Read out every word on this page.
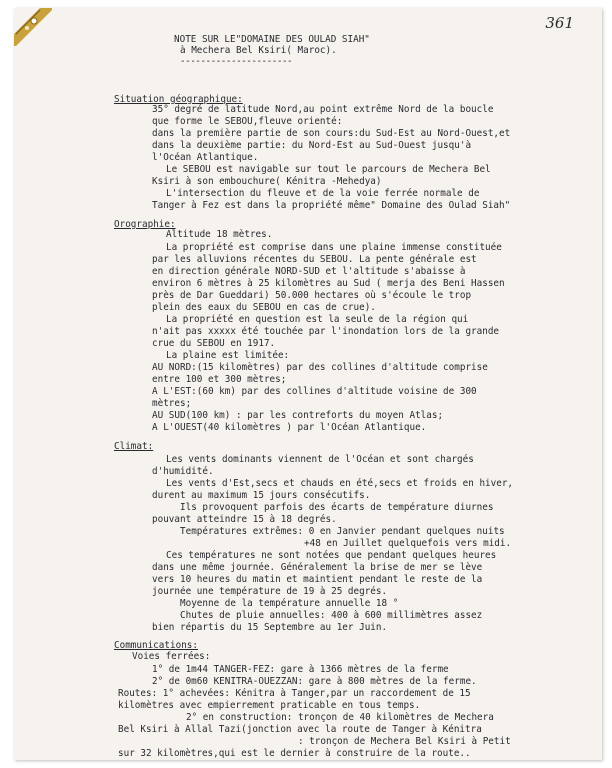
361
NOTE SUR LE"DOMAINE DES OULAD SIAH"
à Mechera Bel Ksiri( Maroc).
----------------------
Situation géographique:
35° degré de latitude Nord,au point extrême Nord de la boucle
que forme le SEBOU,fleuve orienté:
dans la première partie de son cours:du Sud-Est au Nord-Ouest,et
dans la deuxième partie: du Nord-Est au Sud-Ouest jusqu'à
l'Océan Atlantique.
Le SEBOU est navigable sur tout le parcours de Mechera Bel
Ksiri à son embouchure( Kénitra -Mehedya)
L'intersection du fleuve et de la voie ferrée normale de
Tanger à Fez est dans la propriété même" Domaine des Oulad Siah"
Orographie:
Altitude 18 mètres.
La propriété est comprise dans une plaine immense constituée
par les alluvions récentes du SEBOU. La pente générale est
en direction générale NORD-SUD et l'altitude s'abaisse à
environ 6 mètres à 25 kilomètres au Sud ( merja des Beni Hassen
près de Dar Gueddari) 50.000 hectares où s'écoule le trop
plein des eaux du SEBOU en cas de crue).
La propriété en question est la seule de la région qui
n'ait pas xxxxx été touchée par l'inondation lors de la grande
crue du SEBOU en 1917.
La plaine est limitée:
AU NORD:(15 kilomètres) par des collines d'altitude comprise
entre 100 et 300 mètres;
A L'EST:(60 km) par des collines d'altitude voisine de 300
mètres;
AU SUD(100 km) : par les contreforts du moyen Atlas;
A L'OUEST(40 kilomètres ) par l'Océan Atlantique.
Climat:
Les vents dominants viennent de l'Océan et sont chargés
d'humidité.
Les vents d'Est,secs et chauds en été,secs et froids en hiver,
durent au maximum 15 jours consécutifs.
Ils provoquent parfois des écarts de température diurnes
pouvant atteindre 15 à 18 degrés.
Températures extrêmes: 0 en Janvier pendant quelques nuits
+48 en Juillet quelquefois vers midi.
Ces températures ne sont notées que pendant quelques heures
dans une même journée. Généralement la brise de mer se lève
vers 10 heures du matin et maintient pendant le reste de la
journée une température de 19 à 25 degrés.
Moyenne de la température annuelle 18 °
Chutes de pluie annuelles: 400 à 600 millimètres assez
bien répartis du 15 Septembre au 1er Juin.
Communications:
Voies ferrées:
1° de 1m44 TANGER-FEZ: gare à 1366 mètres de la ferme
2° de 0m60 KENITRA-OUEZZAN: gare à 800 mètres de la ferme.
Routes: 1° achevées: Kénitra à Tanger,par un raccordement de 15
kilomètres avec empierrement praticable en tous temps.
2° en construction: tronçon de 40 kilomètres de Mechera
Bel Ksiri à Allal Tazi(jonction avec la route de Tanger à Kénitra
: tronçon de Mechera Bel Ksiri à Petit
sur 32 kilomètres,qui est le dernier à construire de la route..
